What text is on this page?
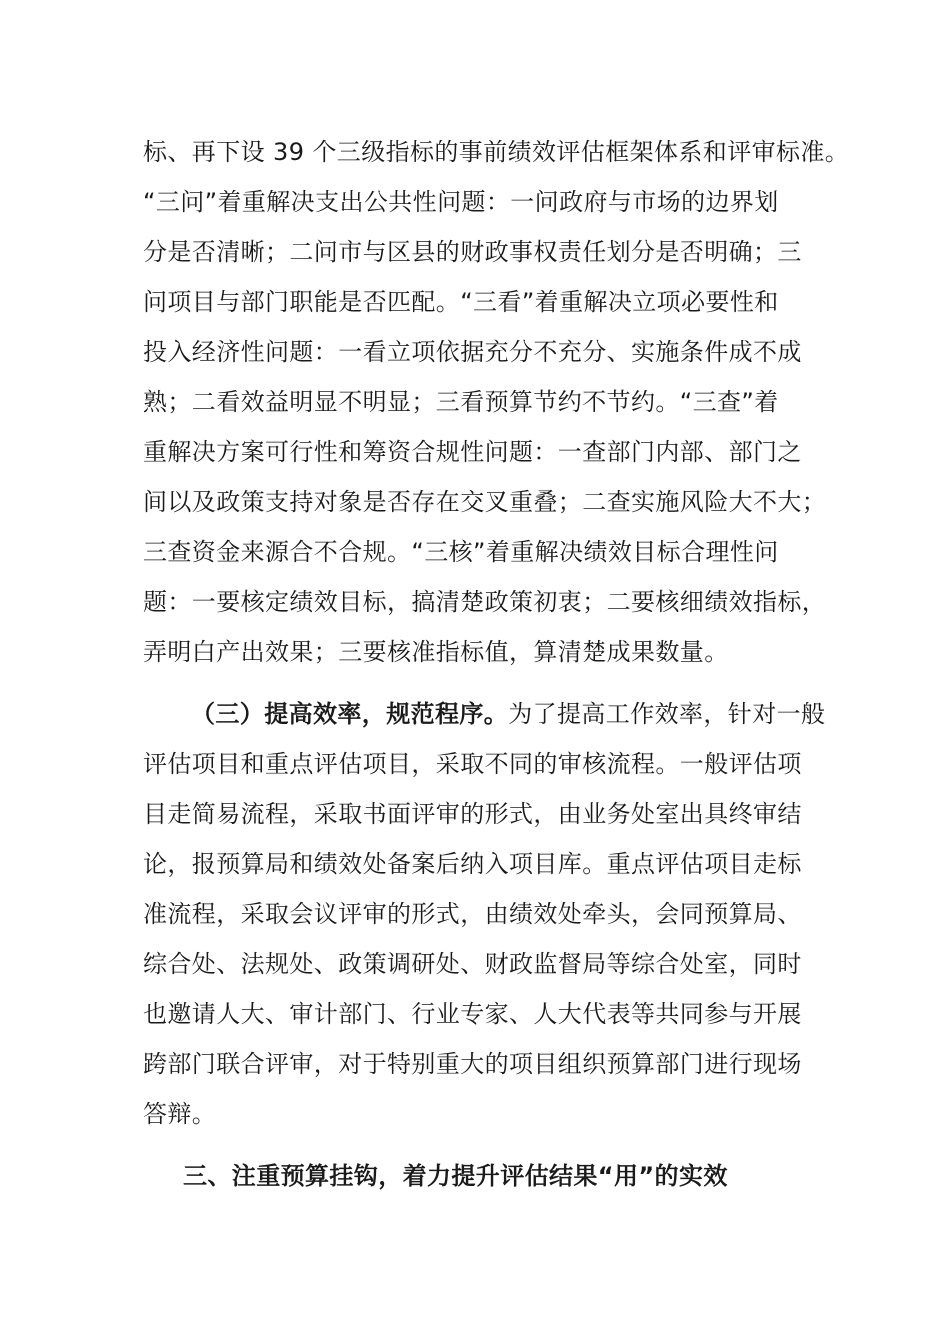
标、再下设 39 个三级指标的事前绩效评估框架体系和评审标准。
“三问”着重解决支出公共性问题：一问政府与市场的边界划
分是否清晰；二问市与区县的财政事权责任划分是否明确；三
问项目与部门职能是否匹配。“三看”着重解决立项必要性和
投入经济性问题：一看立项依据充分不充分、实施条件成不成
熟；二看效益明显不明显；三看预算节约不节约。“三查”着
重解决方案可行性和筹资合规性问题：一查部门内部、部门之
间以及政策支持对象是否存在交叉重叠；二查实施风险大不大；
三查资金来源合不合规。“三核”着重解决绩效目标合理性问
题：一要核定绩效目标，搞清楚政策初衷；二要核细绩效指标，
弄明白产出效果；三要核准指标值，算清楚成果数量。
（三）提高效率，规范程序。为了提高工作效率，针对一般
评估项目和重点评估项目，采取不同的审核流程。一般评估项
目走简易流程，采取书面评审的形式，由业务处室出具终审结
论，报预算局和绩效处备案后纳入项目库。重点评估项目走标
准流程，采取会议评审的形式，由绩效处牵头，会同预算局、
综合处、法规处、政策调研处、财政监督局等综合处室，同时
也邀请人大、审计部门、行业专家、人大代表等共同参与开展
跨部门联合评审，对于特别重大的项目组织预算部门进行现场
答辩。
三、注重预算挂钩，着力提升评估结果“用”的实效
